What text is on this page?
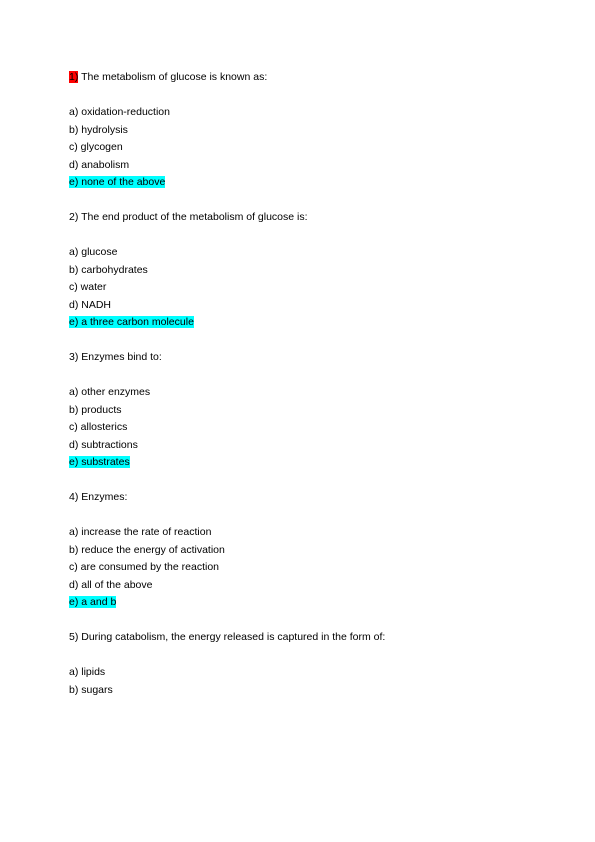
1) The metabolism of glucose is known as:
a) oxidation-reduction
b) hydrolysis
c) glycogen
d) anabolism
e) none of the above
2) The end product of the metabolism of glucose is:
a) glucose
b) carbohydrates
c) water
d) NADH
e) a three carbon molecule
3) Enzymes bind to:
a) other enzymes
b) products
c) allosterics
d) subtractions
e) substrates
4) Enzymes:
a) increase the rate of reaction
b) reduce the energy of activation
c) are consumed by the reaction
d) all of the above
e) a and b
5) During catabolism, the energy released is captured in the form of:
a) lipids
b) sugars
